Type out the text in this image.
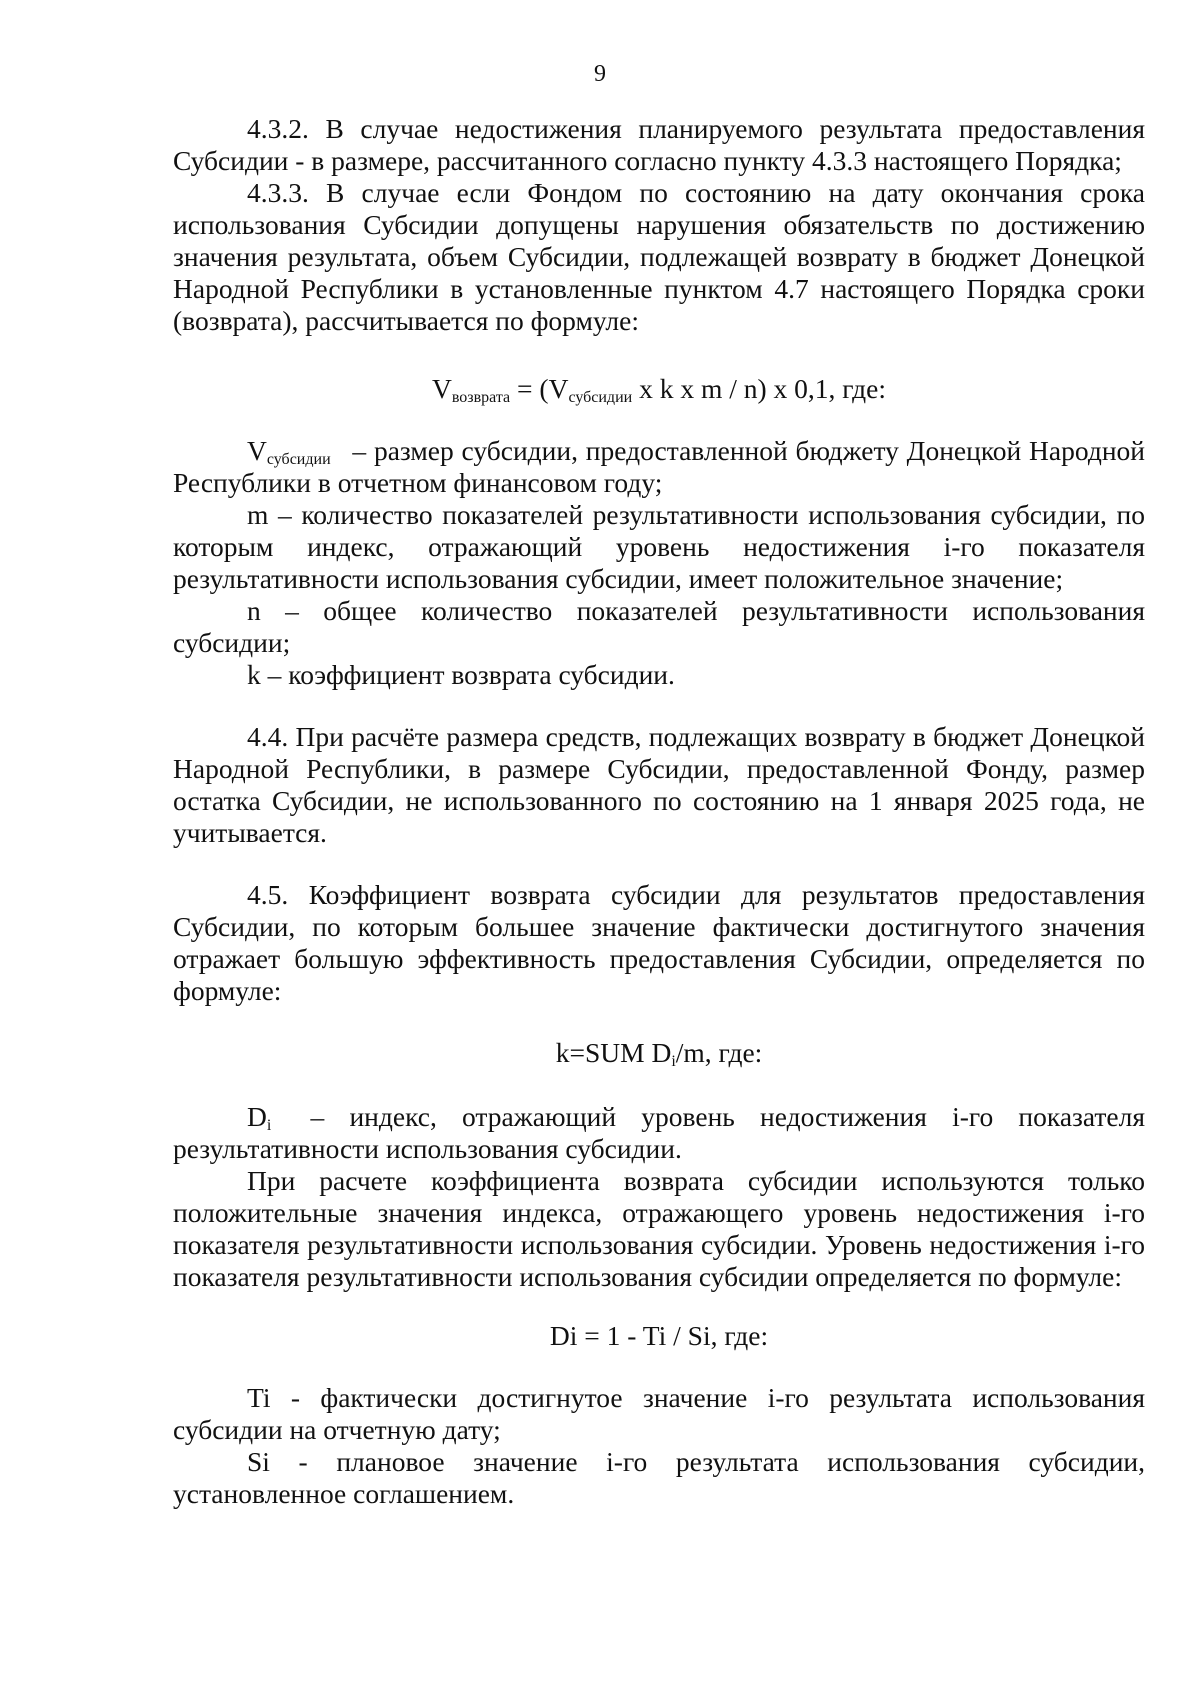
9

4.3.2. В случае недостижения планируемого результата предоставления Субсидии - в размере, рассчитанного согласно пункту 4.3.3 настоящего Порядка;

4.3.3. В случае если Фондом по состоянию на дату окончания срока использования Субсидии допущены нарушения обязательств по достижению значения результата, объем Субсидии, подлежащей возврату в бюджет Донецкой Народной Республики в установленные пунктом 4.7 настоящего Порядка сроки (возврата), рассчитывается по формуле:

$V_{возврата} = (V_{субсидии}$ х k х m / n) х 0,1, где:

$V_{субсидии}$ – размер субсидии, предоставленной бюджету Донецкой Народной Республики в отчетном финансовом году;

m – количество показателей результативности использования субсидии, по которым индекс, отражающий уровень недостижения i-го показателя результативности использования субсидии, имеет положительное значение;

n – общее количество показателей результативности использования субсидии;

k – коэффициент возврата субсидии.

4.4. При расчёте размера средств, подлежащих возврату в бюджет Донецкой Народной Республики, в размере Субсидии, предоставленной Фонду, размер остатка Субсидии, не использованного по состоянию на 1 января 2025 года, не учитывается.

4.5. Коэффициент возврата субсидии для результатов предоставления Субсидии, по которым большее значение фактически достигнутого значения отражает большую эффективность предоставления Субсидии, определяется по формуле:

k=SUM $D_i/m$, где:

$D_i$ – индекс, отражающий уровень недостижения i-го показателя результативности использования субсидии.

При расчете коэффициента возврата субсидии используются только положительные значения индекса, отражающего уровень недостижения i-го показателя результативности использования субсидии. Уровень недостижения i-го показателя результативности использования субсидии определяется по формуле:

Di = 1 - Ti / Si, где:

Ti - фактически достигнутое значение i-го результата использования субсидии на отчетную дату;

Si - плановое значение i-го результата использования субсидии, установленное соглашением.
